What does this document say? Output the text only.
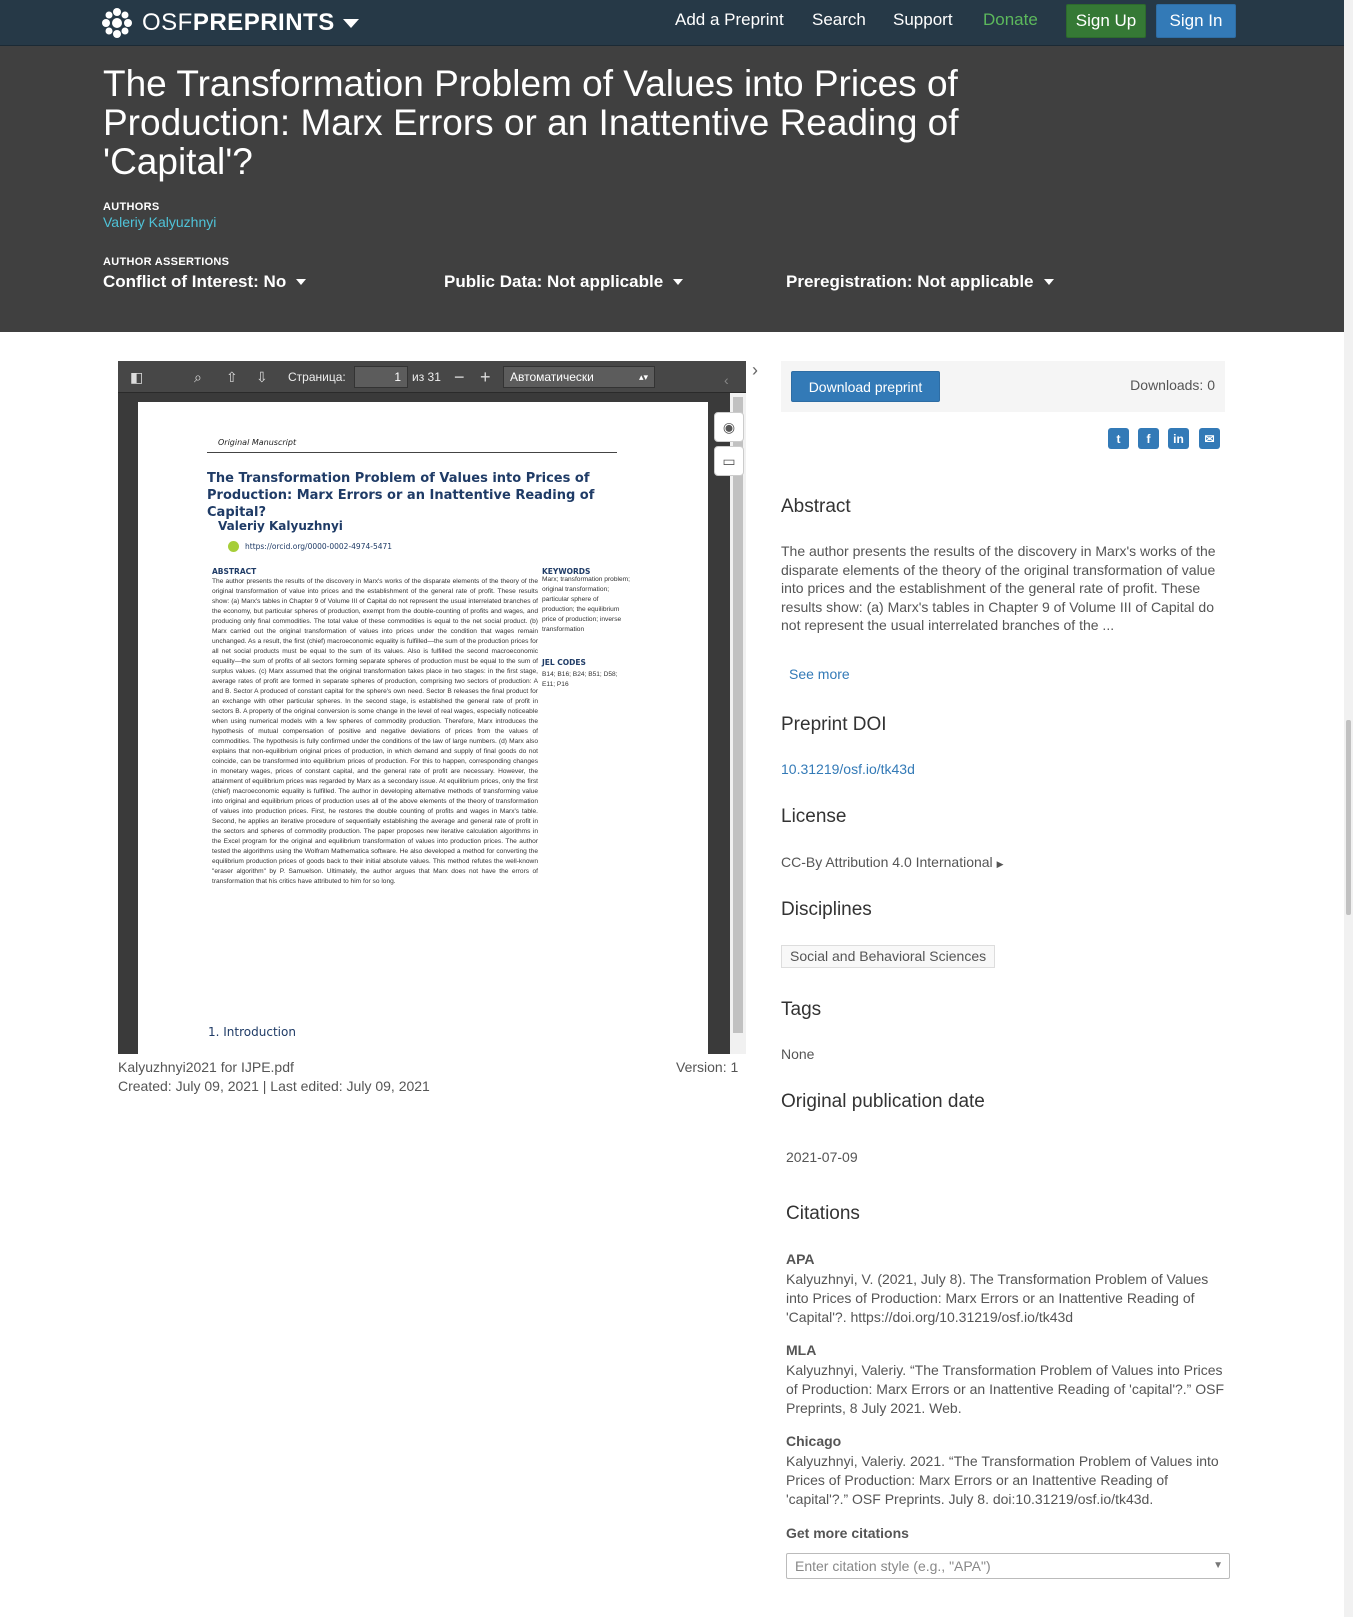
OSF PREPRINTS	Add a Preprint Search Support Donate	Sign Up	Sign In
The Transformation Problem of Values into Prices of Production: Marx Errors or an Inattentive Reading of 'Capital'?
AUTHORS
Valeriy Kalyuzhnyi
AUTHOR ASSERTIONS
Conflict of Interest: No	Public Data: Not applicable	Preregistration: Not applicable
◧	⌕ ⇧ ⇩ Страница:	1 из 31 − +	Автоматически	▴▾
Original Manuscript
The Transformation Problem of Values into Prices of Production: Marx Errors or an Inattentive Reading of Capital?
Valeriy Kalyuzhnyi
https://orcid.org/0000-0002-4974-5471
ABSTRACT
The author presents the results of the discovery in Marx's works of the disparate elements of the theory of the original transformation of value into prices and the establishment of the general rate of profit. These results show: (a) Marx's tables in Chapter 9 of Volume III of Capital do not represent the usual interrelated branches of the economy, but particular spheres of production, exempt from the double-counting of profits and wages, and producing only final commodities. The total value of these commodities is equal to the net social product. (b) Marx carried out the original transformation of values into prices under the condition that wages remain unchanged. As a result, the first (chief) macroeconomic equality is fulfilled—the sum of the production prices for all net social products must be equal to the sum of its values. Also is fulfilled the second macroeconomic equality—the sum of profits of all sectors forming separate spheres of production must be equal to the sum of surplus values. (c) Marx assumed that the original transformation takes place in two stages: in the first stage, average rates of profit are formed in separate spheres of production, comprising two sectors of production: A and B. Sector A produced of constant capital for the sphere's own need. Sector B releases the final product for an exchange with other particular spheres. In the second stage, is established the general rate of profit in sectors B. A property of the original conversion is some change in the level of real wages, especially noticeable when using numerical models with a few spheres of commodity production. Therefore, Marx introduces the hypothesis of mutual compensation of positive and negative deviations of prices from the values of commodities. The hypothesis is fully confirmed under the conditions of the law of large numbers. (d) Marx also explains that non-equilibrium original prices of production, in which demand and supply of final goods do not coincide, can be transformed into equilibrium prices of production. For this to happen, corresponding changes in monetary wages, prices of constant capital, and the general rate of profit are necessary. However, the attainment of equilibrium prices was regarded by Marx as a secondary issue. At equilibrium prices, only the first (chief) macroeconomic equality is fulfilled. The author in developing alternative methods of transforming value into original and equilibrium prices of production uses all of the above elements of the theory of transformation of values into production prices. First, he restores the double counting of profits and wages in Marx's table. Second, he applies an iterative procedure of sequentially establishing the average and general rate of profit in the sectors and spheres of commodity production. The paper proposes new iterative calculation algorithms in the Excel program for the original and equilibrium transformation of values into production prices. The author tested the algorithms using the Wolfram Mathematica software. He also developed a method for converting the equilibrium production prices of goods back to their initial absolute values. This method refutes the well-known "eraser algorithm" by P. Samuelson. Ultimately, the author argues that Marx does not have the errors of transformation that his critics have attributed to him for so long.
KEYWORDS
Marx; transformation problem; original transformation; particular sphere of production; the equilibrium price of production; inverse transformation
JEL CODES
B14; B16; B24; B51; D58; E11; P16
1. Introduction
◉
▭
‹ ›
Kalyuzhnyi2021 for IJPE.pdf	Version: 1
Created: July 09, 2021 | Last edited: July 09, 2021
Download preprint	Downloads: 0
t	f	in	✉
Abstract
The author presents the results of the discovery in Marx's works of the disparate elements of the theory of the original transformation of value into prices and the establishment of the general rate of profit. These results show: (a) Marx's tables in Chapter 9 of Volume III of Capital do not represent the usual interrelated branches of the ...
See more
Preprint DOI
10.31219/osf.io/tk43d
License
CC-By Attribution 4.0 International ▶
Disciplines
Social and Behavioral Sciences
Tags
None
Original publication date
2021-07-09
Citations
APA
Kalyuzhnyi, V. (2021, July 8). The Transformation Problem of Values into Prices of Production: Marx Errors or an Inattentive Reading of 'Capital'?. https://doi.org/10.31219/osf.io/tk43d
MLA
Kalyuzhnyi, Valeriy. “The Transformation Problem of Values into Prices of Production: Marx Errors or an Inattentive Reading of 'capital'?.” OSF Preprints, 8 July 2021. Web.
Chicago
Kalyuzhnyi, Valeriy. 2021. “The Transformation Problem of Values into Prices of Production: Marx Errors or an Inattentive Reading of 'capital'?.” OSF Preprints. July 8. doi:10.31219/osf.io/tk43d.
Get more citations
Enter citation style (e.g., "APA")	▼
